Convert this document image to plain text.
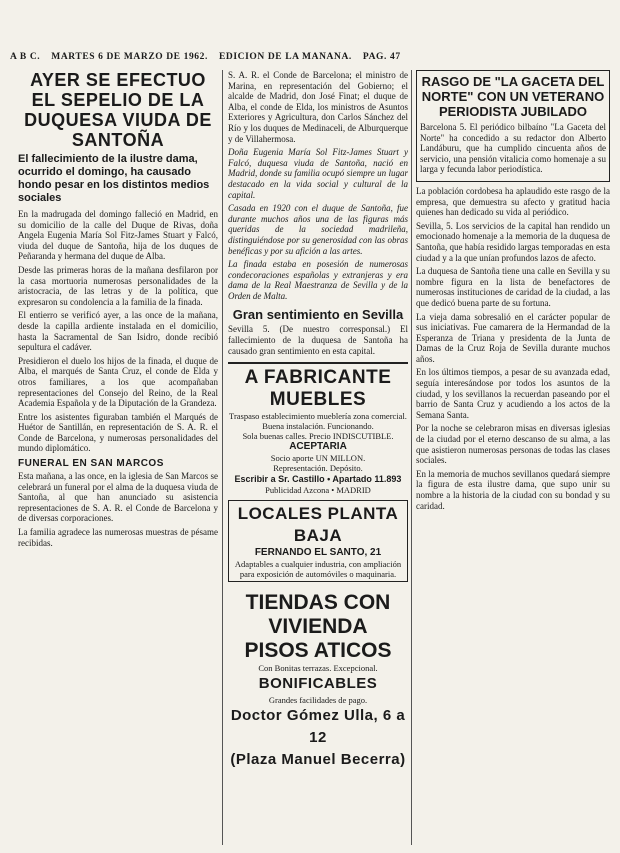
A B C. MARTES 6 DE MARZO DE 1962. EDICION DE LA MAÑANA. PAG. 47
AYER SE EFECTUO EL SEPELIO DE LA DUQUESA VIUDA DE SANTOÑA
El fallecimiento de la ilustre dama, ocurrido el domingo, ha causado hondo pesar en los distintos medios sociales

En la madrugada del domingo falleció en Madrid, en su domicilio de la calle del Duque de Rivas, doña Angela Eugenia María Sol Fitz-James Stuart y Falcó, viuda del duque de Santoña, hija de los duques de Peñaranda y hermana del duque de Alba.

Desde las primeras horas de la mañana desfilaron por la casa mortuoria numerosas personalidades de la aristocracia, de las letras y de la política, que expresaron su condolencia a la familia de la finada.

El entierro se verificó ayer, a las once de la mañana, desde la capilla ardiente instalada en el domicilio, hasta la Sacramental de San Isidro, donde recibió sepultura el cadáver.

Presidieron el duelo los hijos de la finada, el duque de Alba, el marqués de Santa Cruz, el conde de Elda y otros familiares, a los que acompañaban representaciones del Consejo del Reino, de la Real Academia Española y de la Diputación de la Grandeza.

Entre los asistentes figuraban también el Marqués de Huétor de Santillán, en representación de S. A. R. el Conde de Barcelona, y numerosas personalidades del mundo diplomático.

FUNERAL EN SAN MARCOS

Esta mañana, a las once, en la iglesia de San Marcos se celebrará un funeral por el alma de la duquesa viuda de Santoña, al que han anunciado su asistencia representaciones de S. A. R. el Conde de Barcelona y de diversas corporaciones.

La familia agradece las numerosas muestras de pésame recibidas.

S. A. R. el Conde de Barcelona; el ministro de Marina, en representación del Gobierno; el alcalde de Madrid, don José Finat; el duque de Alba, el conde de Elda, los ministros de Asuntos Exteriores y Agricultura, don Carlos Sánchez del Río y los duques de Medinaceli, de Alburquerque y de Villahermosa.

Doña Eugenia María Sol Fitz-James Stuart y Falcó, duquesa viuda de Santoña, nació en Madrid, donde su familia ocupó siempre un lugar destacado en la vida social y cultural de la capital.

Casada en 1920 con el duque de Santoña, fue durante muchos años una de las figuras más queridas de la sociedad madrileña, distinguiéndose por su generosidad con las obras benéficas y por su afición a las artes.

La finada estaba en posesión de numerosas condecoraciones españolas y extranjeras y era dama de la Real Maestranza de Sevilla y de la Orden de Malta.

Gran sentimiento en Sevilla

Sevilla 5. (De nuestro corresponsal.) El fallecimiento de la duquesa de Santoña ha causado gran sentimiento en esta capital.

A FABRICANTE MUEBLES
Traspaso establecimiento mueblería zona comercial. Buena instalación. Funcionando.
Sola buenas calles. Precio INDISCUTIBLE.
ACEPTARIA
Socio aporte UN MILLON.
Representación. Depósito.
Escribir a Sr. Castillo • Apartado 11.893
Publicidad Azcona • MADRID
LOCALES PLANTA BAJA
FERNANDO EL SANTO, 21
Adaptables a cualquier industria, con ampliación para exposición de automóviles o maquinaria.
TIENDAS CON VIVIENDA
PISOS ATICOS
Con Bonitas terrazas. Excepcional.
BONIFICABLES
Grandes facilidades de pago.
Doctor Gómez Ulla, 6 a 12
(Plaza Manuel Becerra)
RASGO DE "LA GACETA DEL NORTE" CON UN VETERANO PERIODISTA JUBILADO

Barcelona 5. El periódico bilbaíno "La Gaceta del Norte" ha concedido a su redactor don Alberto Landáburu, que ha cumplido cincuenta años de servicio, una pensión vitalicia como homenaje a su larga y fecunda labor periodística.

La población cordobesa ha aplaudido este rasgo de la empresa, que demuestra su afecto y gratitud hacia quienes han dedicado su vida al periódico.

Sevilla, 5. Los servicios de la capital han rendido un emocionado homenaje a la memoria de la duquesa de Santoña, que había residido largas temporadas en esta ciudad y a la que unían profundos lazos de afecto.

La duquesa de Santoña tiene una calle en Sevilla y su nombre figura en la lista de benefactores de numerosas instituciones de caridad de la ciudad, a las que dedicó buena parte de su fortuna.

La vieja dama sobresalió en el carácter popular de sus iniciativas. Fue camarera de la Hermandad de la Esperanza de Triana y presidenta de la Junta de Damas de la Cruz Roja de Sevilla durante muchos años.

En los últimos tiempos, a pesar de su avanzada edad, seguía interesándose por todos los asuntos de la ciudad, y los sevillanos la recuerdan paseando por el barrio de Santa Cruz y acudiendo a los actos de la Semana Santa.

Por la noche se celebraron misas en diversas iglesias de la ciudad por el eterno descanso de su alma, a las que asistieron numerosas personas de todas las clases sociales.

En la memoria de muchos sevillanos quedará siempre la figura de esta ilustre dama, que supo unir su nombre a la historia de la ciudad con su bondad y su caridad.
